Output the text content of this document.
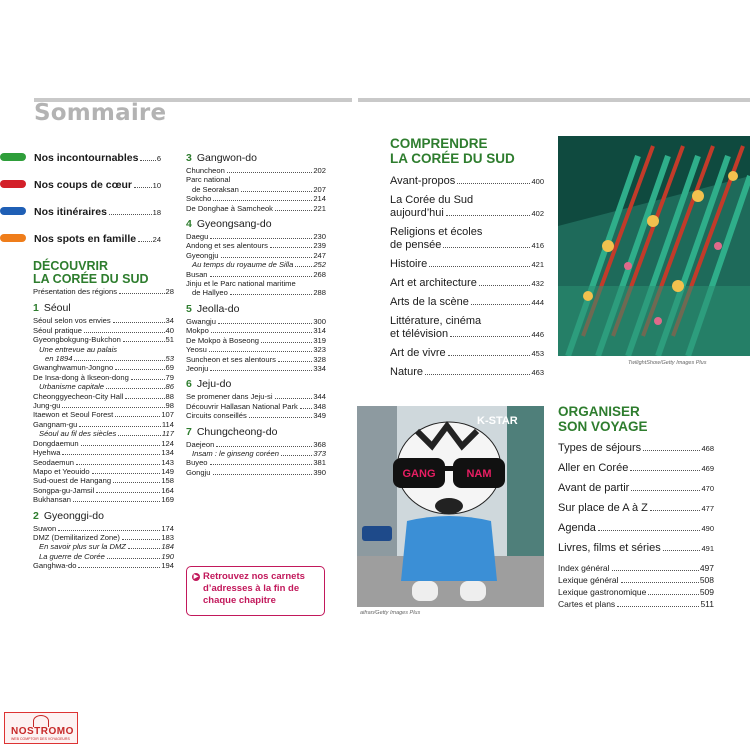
Sommaire
Nos incontournables 6
Nos coups de cœur	10
Nos itinéraires	18
Nos spots en famille 24
DÉCOUVRIR
LA CORÉE DU SUD
Présentation des régions	28
1 Séoul
Séoul selon vos envies	34
Séoul pratique	40
Gyeongbokgung-Bukchon	51
Une entrevue au palais
en 1894	53
Gwanghwamun-Jongno	69
De Insa-dong à Ikseon-dong	79
Urbanisme capitale	86
Cheonggyecheon-City Hall	88
Jung-gu	98
Itaewon et Seoul Forest	107
Gangnam-gu	114
Séoul au fil des siècles	117
Dongdaemun	124
Hyehwa	134
Seodaemun	143
Mapo et Yeouido	149
Sud-ouest de Hangang	158
Songpa-gu-Jamsil	164
Bukhansan	169
2 Gyeonggi-do
Suwon	174
DMZ (Demilitarized Zone)	183
En savoir plus sur la DMZ	184
La guerre de Corée	190
Ganghwa-do	194
3 Gangwon-do
Chuncheon	202
Parc national
de Seoraksan	207
Sokcho	214
De Donghae à Samcheok	221
4 Gyeongsang-do
Daegu	230
Andong et ses alentours	239
Gyeongju	247
Au temps du royaume de Silla	252
Busan	268
Jinju et le Parc national maritime
de Hallyeo	288
5 Jeolla-do
Gwangju	300
Mokpo	314
De Mokpo à Boseong	319
Yeosu	323
Suncheon et ses alentours	328
Jeonju	334
6 Jeju-do
Se promener dans Jeju-si	344
Découvrir Hallasan National Park 348
Circuits conseillés	349
7 Chungcheong-do
Daejeon	368
Insam : le ginseng coréen	373
Buyeo	381
Gongju	390
▶ Retrouvez nos carnets d’adresses à la fin de chaque chapitre
COMPRENDRE
LA CORÉE DU SUD
Avant-propos	400
La Corée du Sud
aujourd’hui	402
Religions et écoles
de pensée	416
Histoire	421
Art et architecture	432
Arts de la scène	444
Littérature, cinéma
et télévision	446
Art de vivre	453
Nature	463
ORGANISER
SON VOYAGE
Types de séjours	468
Aller en Corée	469
Avant de partir	470
Sur place de A à Z	477
Agenda	490
Livres, films et séries	491
Index général	497
Lexique général	508
Lexique gastronomique	509
Cartes et plans	511
TwilightShow/Getty Images Plus
GANG	NAM
K-STAR
aifran/Getty Images Plus
NOSTROMO
WEB COMPTOIR DES VOYAGEURS
